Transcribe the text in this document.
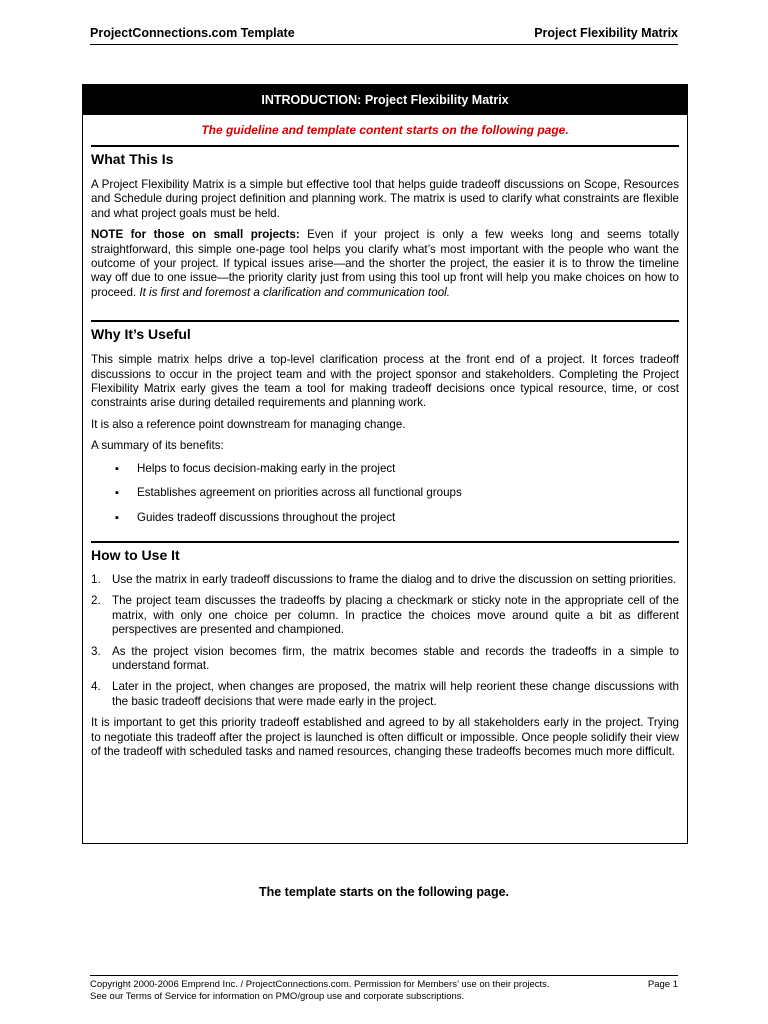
ProjectConnections.com Template	Project Flexibility Matrix
INTRODUCTION: Project Flexibility Matrix
The guideline and template content starts on the following page.
What This Is

A Project Flexibility Matrix is a simple but effective tool that helps guide tradeoff discussions on Scope, Resources and Schedule during project definition and planning work. The matrix is used to clarify what constraints are flexible and what project goals must be held.

NOTE for those on small projects: Even if your project is only a few weeks long and seems totally straightforward, this simple one-page tool helps you clarify what’s most important with the people who want the outcome of your project. If typical issues arise—and the shorter the project, the easier it is to throw the timeline way off due to one issue—the priority clarity just from using this tool up front will help you make choices on how to proceed. It is first and foremost a clarification and communication tool.

Why It’s Useful

This simple matrix helps drive a top-level clarification process at the front end of a project. It forces tradeoff discussions to occur in the project team and with the project sponsor and stakeholders. Completing the Project Flexibility Matrix early gives the team a tool for making tradeoff decisions once typical resource, time, or cost constraints arise during detailed requirements and planning work.

It is also a reference point downstream for managing change.

A summary of its benefits:

▪ Helps to focus decision-making early in the project
▪ Establishes agreement on priorities across all functional groups
▪ Guides tradeoff discussions throughout the project
How to Use It
1. Use the matrix in early tradeoff discussions to frame the dialog and to drive the discussion on setting priorities.
2. The project team discusses the tradeoffs by placing a checkmark or sticky note in the appropriate cell of the matrix, with only one choice per column. In practice the choices move around quite a bit as different perspectives are presented and championed.
3. As the project vision becomes firm, the matrix becomes stable and records the tradeoffs in a simple to understand format.
4. Later in the project, when changes are proposed, the matrix will help reorient these change discussions with the basic tradeoff decisions that were made early in the project.

It is important to get this priority tradeoff established and agreed to by all stakeholders early in the project. Trying to negotiate this tradeoff after the project is launched is often difficult or impossible. Once people solidify their view of the tradeoff with scheduled tasks and named resources, changing these tradeoffs becomes much more difficult.

The template starts on the following page.
Copyright 2000-2006 Emprend Inc. / ProjectConnections.com. Permission for Members’ use on their projects.
See our Terms of Service for information on PMO/group use and corporate subscriptions.
Page 1
